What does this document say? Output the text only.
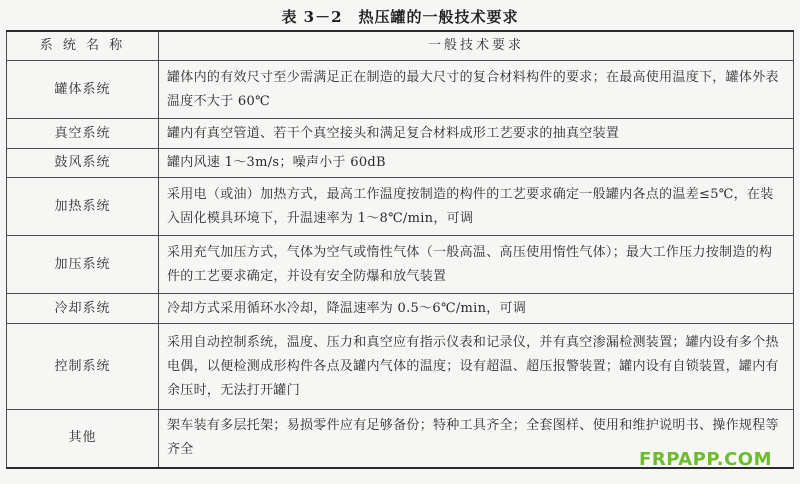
表 3－2　热压罐的一般技术要求
系 统 名 称	一般技术要求
罐体系统	罐体内的有效尺寸至少需满足正在制造的最大尺寸的复合材料构件的要求；在最高使用温度下，罐体外表温度不大于 60℃
真空系统	罐内有真空管道、若干个真空接头和满足复合材料成形工艺要求的抽真空装置
鼓风系统	罐内风速 1～3m/s；噪声小于 60dB
加热系统	采用电（或油）加热方式，最高工作温度按制造的构件的工艺要求确定一般罐内各点的温差≤5℃，在装入固化模具环境下，升温速率为 1～8℃/min，可调
加压系统	采用充气加压方式，气体为空气或惰性气体（一般高温、高压使用惰性气体）；最大工作压力按制造的构件的工艺要求确定，并设有安全防爆和放气装置
冷却系统	冷却方式采用循环水冷却，降温速率为 0.5～6℃/min，可调
控制系统	采用自动控制系统，温度、压力和真空应有指示仪表和记录仪，并有真空渗漏检测装置；罐内设有多个热电偶，以便检测成形构件各点及罐内气体的温度；设有超温、超压报警装置；罐内设有自锁装置，罐内有余压时，无法打开罐门
其他	架车装有多层托架；易损零件应有足够备份；特种工具齐全；全套图样、使用和维护说明书、操作规程等齐全	FRPAPP.COM
